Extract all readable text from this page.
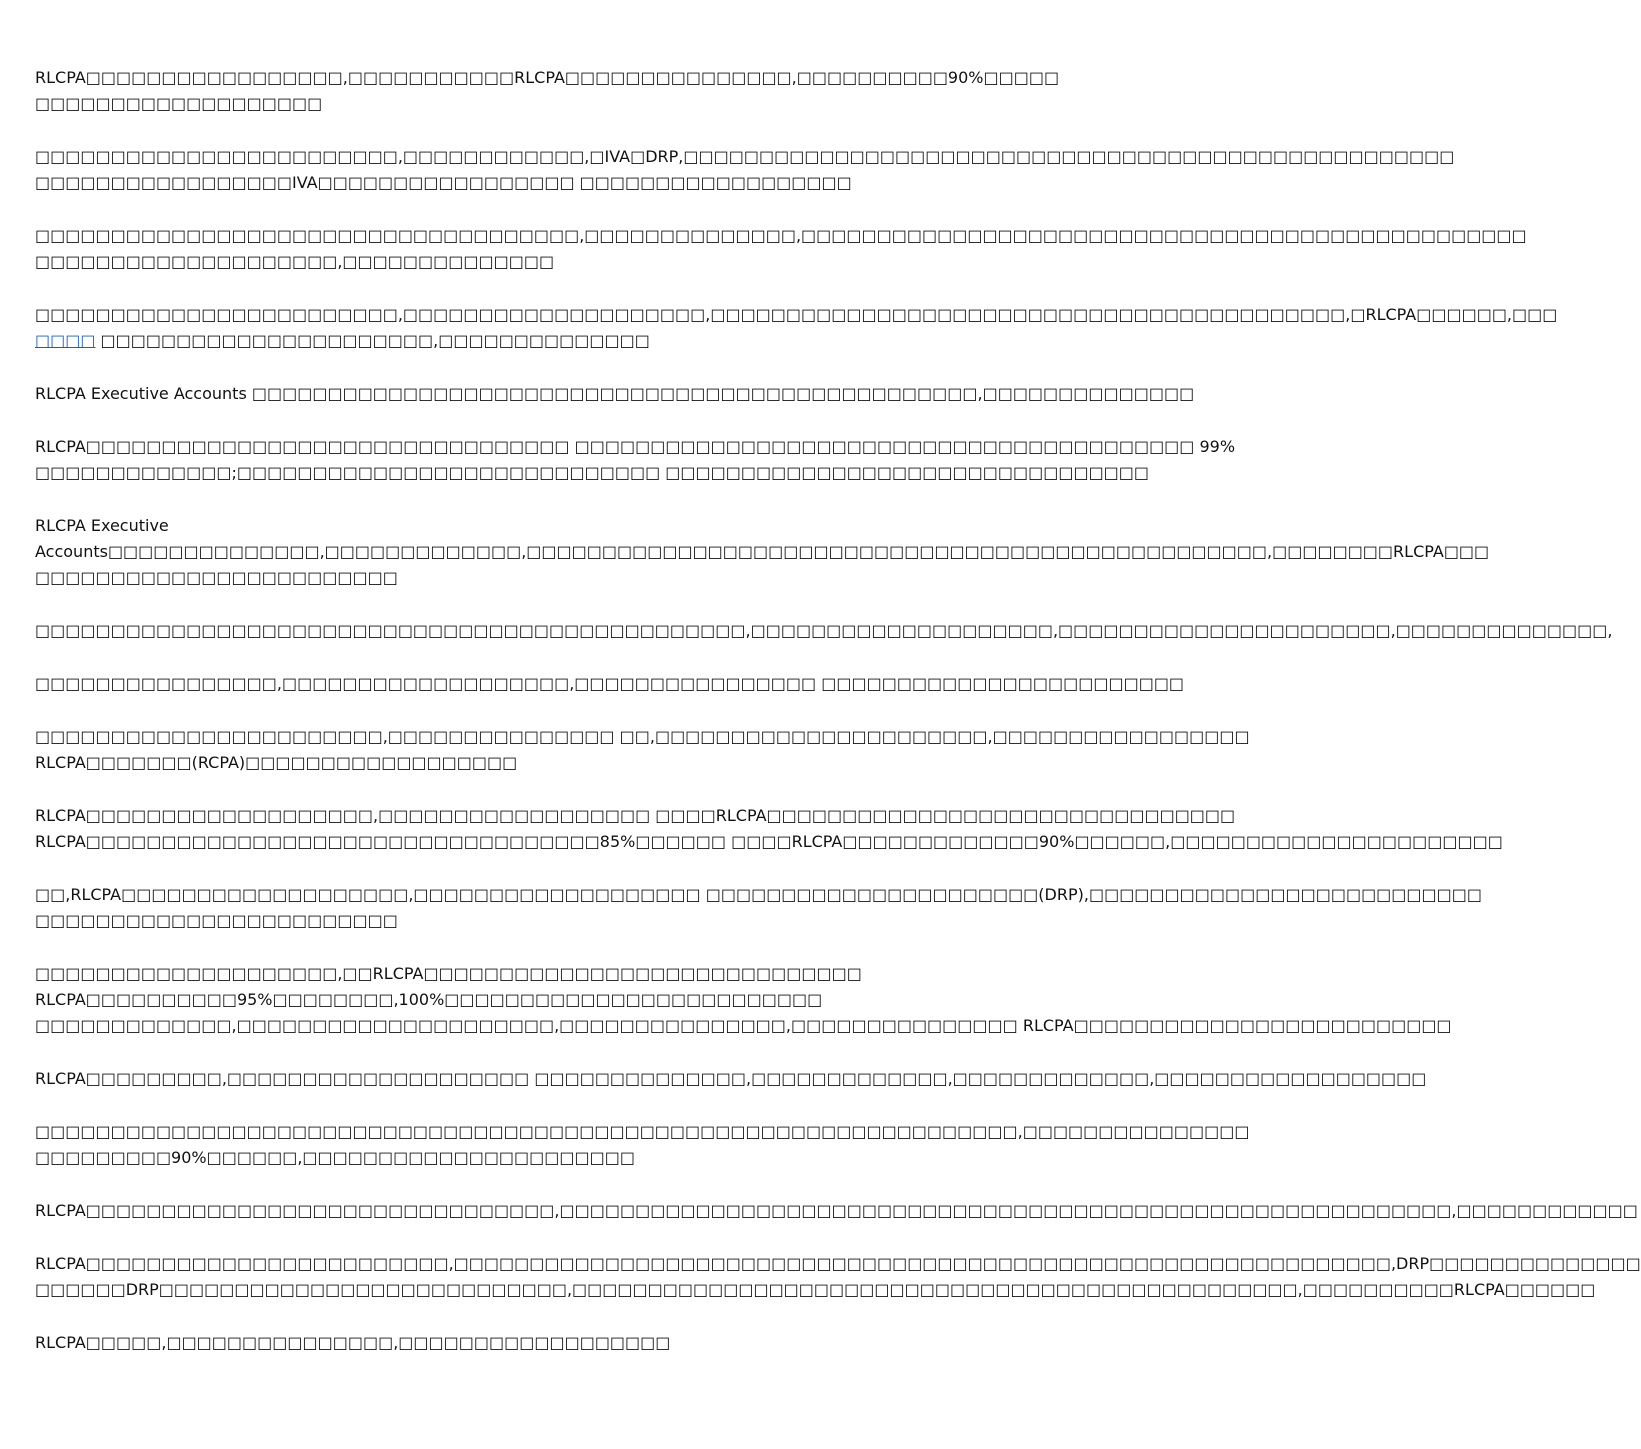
RLCPA□□□□□□□□□□□□□□□□□,□□□□□□□□□□□RLCPA□□□□□□□□□□□□□□□,□□□□□□□□□□90%□□□□□
□□□□□□□□□□□□□□□□□□□

□□□□□□□□□□□□□□□□□□□□□□□□,□□□□□□□□□□□□,□IVA□DRP,□□□□□□□□□□□□□□□□□□□□□□□□□□□□□□□□□□□□□□□□□□□□□□□□□□□
□□□□□□□□□□□□□□□□□IVA□□□□□□□□□□□□□□□□□ □□□□□□□□□□□□□□□□□□

□□□□□□□□□□□□□□□□□□□□□□□□□□□□□□□□□□□□,□□□□□□□□□□□□□□,□□□□□□□□□□□□□□□□□□□□□□□□□□□□□□□□□□□□□□□□□□□□□□□□
□□□□□□□□□□□□□□□□□□□□,□□□□□□□□□□□□□□

□□□□□□□□□□□□□□□□□□□□□□□□,□□□□□□□□□□□□□□□□□□□□,□□□□□□□□□□□□□□□□□□□□□□□□□□□□□□□□□□□□□□□□□□,□RLCPA□□□□□□,□□□
□□□□ □□□□□□□□□□□□□□□□□□□□□□,□□□□□□□□□□□□□□

RLCPA Executive Accounts □□□□□□□□□□□□□□□□□□□□□□□□□□□□□□□□□□□□□□□□□□□□□□□□,□□□□□□□□□□□□□□

RLCPA□□□□□□□□□□□□□□□□□□□□□□□□□□□□□□□□ □□□□□□□□□□□□□□□□□□□□□□□□□□□□□□□□□□□□□□□□□ 99%
□□□□□□□□□□□□□;□□□□□□□□□□□□□□□□□□□□□□□□□□□□ □□□□□□□□□□□□□□□□□□□□□□□□□□□□□□□□

RLCPA Executive
Accounts□□□□□□□□□□□□□□,□□□□□□□□□□□□□,□□□□□□□□□□□□□□□□□□□□□□□□□□□□□□□□□□□□□□□□□□□□□□□□□,□□□□□□□□RLCPA□□□
□□□□□□□□□□□□□□□□□□□□□□□□

□□□□□□□□□□□□□□□□□□□□□□□□□□□□□□□□□□□□□□□□□□□□□□□,□□□□□□□□□□□□□□□□□□□□,□□□□□□□□□□□□□□□□□□□□□□,□□□□□□□□□□□□□□,

□□□□□□□□□□□□□□□□,□□□□□□□□□□□□□□□□□□□,□□□□□□□□□□□□□□□□ □□□□□□□□□□□□□□□□□□□□□□□□

□□□□□□□□□□□□□□□□□□□□□□□,□□□□□□□□□□□□□□□ □□,□□□□□□□□□□□□□□□□□□□□□□,□□□□□□□□□□□□□□□□□
RLCPA□□□□□□□(RCPA)□□□□□□□□□□□□□□□□□□

RLCPA□□□□□□□□□□□□□□□□□□□,□□□□□□□□□□□□□□□□□□ □□□□RLCPA□□□□□□□□□□□□□□□□□□□□□□□□□□□□□□□
RLCPA□□□□□□□□□□□□□□□□□□□□□□□□□□□□□□□□□□85%□□□□□□ □□□□RLCPA□□□□□□□□□□□□□90%□□□□□□,□□□□□□□□□□□□□□□□□□□□□□

□□,RLCPA□□□□□□□□□□□□□□□□□□□,□□□□□□□□□□□□□□□□□□□ □□□□□□□□□□□□□□□□□□□□□□(DRP),□□□□□□□□□□□□□□□□□□□□□□□□□□
□□□□□□□□□□□□□□□□□□□□□□□□

□□□□□□□□□□□□□□□□□□□□,□□RLCPA□□□□□□□□□□□□□□□□□□□□□□□□□□□□□
RLCPA□□□□□□□□□□95%□□□□□□□□,100%□□□□□□□□□□□□□□□□□□□□□□□□□
□□□□□□□□□□□□□,□□□□□□□□□□□□□□□□□□□□□,□□□□□□□□□□□□□□□,□□□□□□□□□□□□□□□ RLCPA□□□□□□□□□□□□□□□□□□□□□□□□□

RLCPA□□□□□□□□□,□□□□□□□□□□□□□□□□□□□□ □□□□□□□□□□□□□□,□□□□□□□□□□□□□,□□□□□□□□□□□□□,□□□□□□□□□□□□□□□□□□

□□□□□□□□□□□□□□□□□□□□□□□□□□□□□□□□□□□□□□□□□□□□□□□□□□□□□□□□□□□□□□□□□,□□□□□□□□□□□□□□□
□□□□□□□□□90%□□□□□□,□□□□□□□□□□□□□□□□□□□□□□

RLCPA□□□□□□□□□□□□□□□□□□□□□□□□□□□□□□□,□□□□□□□□□□□□□□□□□□□□□□□□□□□□□□□□□□□□□□□□□□□□□□□□□□□□□□□□□□□,□□□□□□□□□□□□

RLCPA□□□□□□□□□□□□□□□□□□□□□□□□,□□□□□□□□□□□□□□□□□□□□□□□□□□□□□□□□□□□□□□□□□□□□□□□□□□□□□□□□□□□□□□,DRP□□□□□□□□□□□□□□
□□□□□□DRP□□□□□□□□□□□□□□□□□□□□□□□□□□□,□□□□□□□□□□□□□□□□□□□□□□□□□□□□□□□□□□□□□□□□□□□□□□□□,□□□□□□□□□□RLCPA□□□□□□

RLCPA□□□□□,□□□□□□□□□□□□□□□,□□□□□□□□□□□□□□□□□□
